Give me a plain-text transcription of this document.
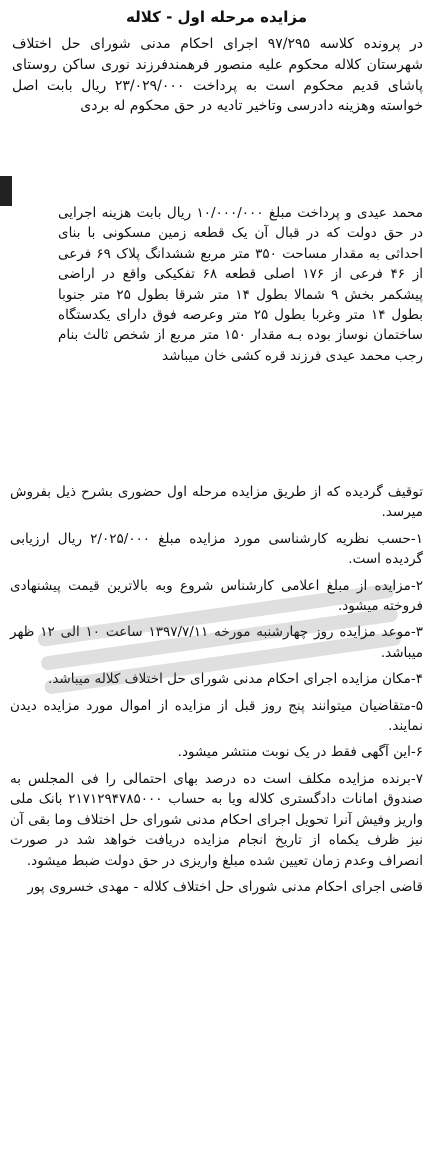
مزایده مرحله اول - کلاله

در پرونده کلاسه ۹۷/۲۹۵ اجرای احکام مدنی شورای حل اختلاف شهرستان کلاله محکوم علیه منصور فرهمندفرزند نوری ساکن روستای پاشای قدیم محکوم است به پرداخت ۲۳/۰۲۹/۰۰۰ ریال بابت اصل خواسته وهزینه دادرسی وتاخیر تادیه در حق محکوم له بردی

محمد عیدی و پرداخت مبلغ ۱۰/۰۰۰/۰۰۰ ریال بابت هزینه اجرایی در حق دولت که در قبال آن یک قطعه زمین مسکونی با بنای احداثی به مقدار مساحت ۳۵۰ متر مربع ششدانگ پلاک ۶۹ فرعی از ۴۶ فرعی از ۱۷۶ اصلی قطعه ۶۸ تفکیکی واقع در اراضی پیشکمر بخش ۹ شمالا بطول ۱۴ متر شرقا بطول ۲۵ متر جنوبا بطول ۱۴ متر وغربا بطول ۲۵ متر وعرصه فوق دارای یکدستگاه ساختمان نوساز بوده بـه مقدار ۱۵۰ متر مربع از شخص ثالث بنام رجب محمد عیدی فرزند قره کشی خان میباشد

توقیف گردیده که از طریق مزایده مرحله اول حضوری بشرح ذیل بفروش میرسد.

۱-حسب نظریه کارشناسی مورد مزایده مبلغ ۲/۰۲۵/۰۰۰ ریال ارزیابی گردیده است.

۲-مزایده از مبلغ اعلامی کارشناس شروع وبه بالاترین قیمت پیشنهادی فروخته میشود.

۳-موعد مزایده روز چهارشنبه مورخه ۱۳۹۷/۷/۱۱ ساعت ۱۰ الی ۱۲ ظهر میباشد.

۴-مکان مزایده اجرای احکام مدنی شورای حل اختلاف کلاله میباشد.

۵-متقاضیان میتوانند پنج روز قبل از مزایده از اموال مورد مزایده دیدن نمایند.

۶-این آگهی فقط در یک نوبت منتشر میشود.

۷-برنده مزایده مکلف است ده درصد بهای احتمالی را فی المجلس به صندوق امانات دادگستری کلاله ویا به حساب ۲۱۷۱۲۹۴۷۸۵۰۰۰ بانک ملی واریز وفیش آنرا تحویل اجرای احکام مدنی شورای حل اختلاف وما بقی آن نیز ظرف یکماه از تاریخ انجام مزایده دریافت خواهد شد در صورت انصراف وعدم زمان تعیین شده مبلغ واریزی در حق دولت ضبط میشود.

قاضی اجرای احکام مدنی شورای حل اختلاف کلاله - مهدی خسروی پور
